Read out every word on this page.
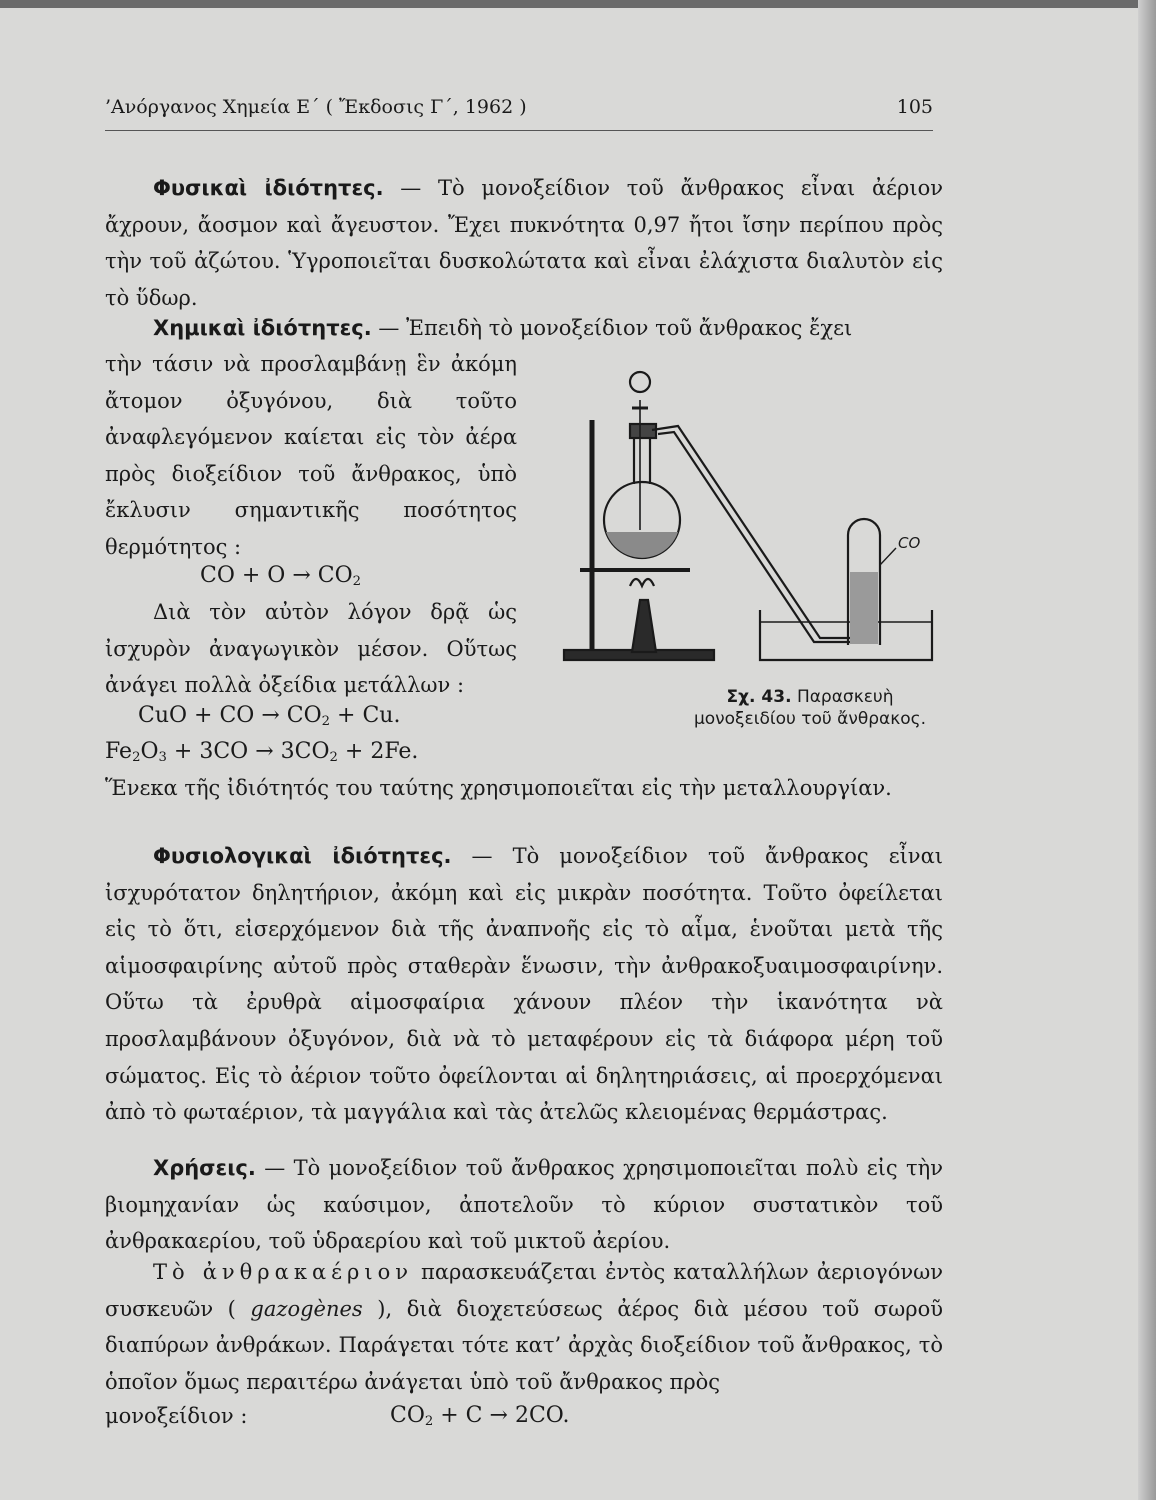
’Ανόργανος Χημεία Ε΄ ( Ἔκδοσις Γ΄, 1962 )	105

Φυσικαὶ ἰδιότητες. — Τὸ μονοξείδιον τοῦ ἄνθρακος εἶναι ἀέριον ἄχρουν, ἄοσμον καὶ ἄγευστον. Ἔχει πυκνότητα 0,97 ἤτοι ἴσην περίπου πρὸς τὴν τοῦ ἀζώτου. Ὑγροποιεῖται δυσκολώτατα καὶ εἶναι ἐλάχιστα διαλυτὸν εἰς τὸ ὕδωρ.

Χημικαὶ ἰδιότητες. — Ἐπειδὴ τὸ μονοξείδιον τοῦ ἄνθρακος ἔχει

τὴν τάσιν νὰ προσλαμβάνῃ ἓν ἀκόμη ἄτομον ὀξυγόνου, διὰ τοῦτο ἀναφλεγόμενον καίεται εἰς τὸν ἀέρα πρὸς διοξείδιον τοῦ ἄνθρακος, ὑπὸ ἔκλυσιν σημαντικῆς ποσότητος θερμότητος :

CO + $O \to CO_2$

Διὰ τὸν αὐτὸν λόγον δρᾷ ὡς ἰσχυρὸν ἀναγωγικὸν μέσον. Οὕτως ἀνάγει πολλὰ ὀξείδια μετάλλων :

CuO + CO → $CO_2 + Cu$.
$Fe_2O_3 + 3CO \to 3CO_2 + 2Fe$.

Ἕνεκα τῆς ἰδιότητός του ταύτης χρησιμοποιεῖται εἰς τὴν μεταλλουργίαν.

Φυσιολογικαὶ ἰδιότητες. — Τὸ μονοξείδιον τοῦ ἄνθρακος εἶναι ἰσχυρότατον δηλητήριον, ἀκόμη καὶ εἰς μικρὰν ποσότητα. Τοῦτο ὀφείλεται εἰς τὸ ὅτι, εἰσερχόμενον διὰ τῆς ἀναπνοῆς εἰς τὸ αἷμα, ἑνοῦται μετὰ τῆς αἱμοσφαιρίνης αὐτοῦ πρὸς σταθερὰν ἕνωσιν, τὴν ἀνθρακοξυαιμοσφαιρίνην. Οὕτω τὰ ἐρυθρὰ αἱμοσφαίρια χάνουν πλέον τὴν ἱκανότητα νὰ προσλαμβάνουν ὀξυγόνον, διὰ νὰ τὸ μεταφέρουν εἰς τὰ διάφορα μέρη τοῦ σώματος. Εἰς τὸ ἀέριον τοῦτο ὀφείλονται αἱ δηλητηριάσεις, αἱ προερχόμεναι ἀπὸ τὸ φωταέριον, τὰ μαγγάλια καὶ τὰς ἀτελῶς κλειομένας θερμάστρας.

Χρήσεις. — Τὸ μονοξείδιον τοῦ ἄνθρακος χρησιμοποιεῖται πολὺ εἰς τὴν βιομηχανίαν ὡς καύσιμον, ἀποτελοῦν τὸ κύριον συστατικὸν τοῦ ἀνθρακαερίου, τοῦ ὑδραερίου καὶ τοῦ μικτοῦ ἀερίου.

Τὸ ἀνθρακαέριον παρασκευάζεται ἐντὸς καταλλήλων ἀεριογόνων συσκευῶν ( gazogènes ), διὰ διοχετεύσεως ἀέρος διὰ μέσου τοῦ σωροῦ διαπύρων ἀνθράκων. Παράγεται τότε κατ’ ἀρχὰς διοξείδιον τοῦ ἄνθρακος, τὸ ὁποῖον ὅμως περαιτέρω ἀνάγεται ὑπὸ τοῦ ἄνθρακος πρὸς

μονοξείδιον :	$CO_2 + C \to 2CO$.
CO
Σχ. 43. Παρασκευὴ μονοξειδίου τοῦ ἄνθρακος.
